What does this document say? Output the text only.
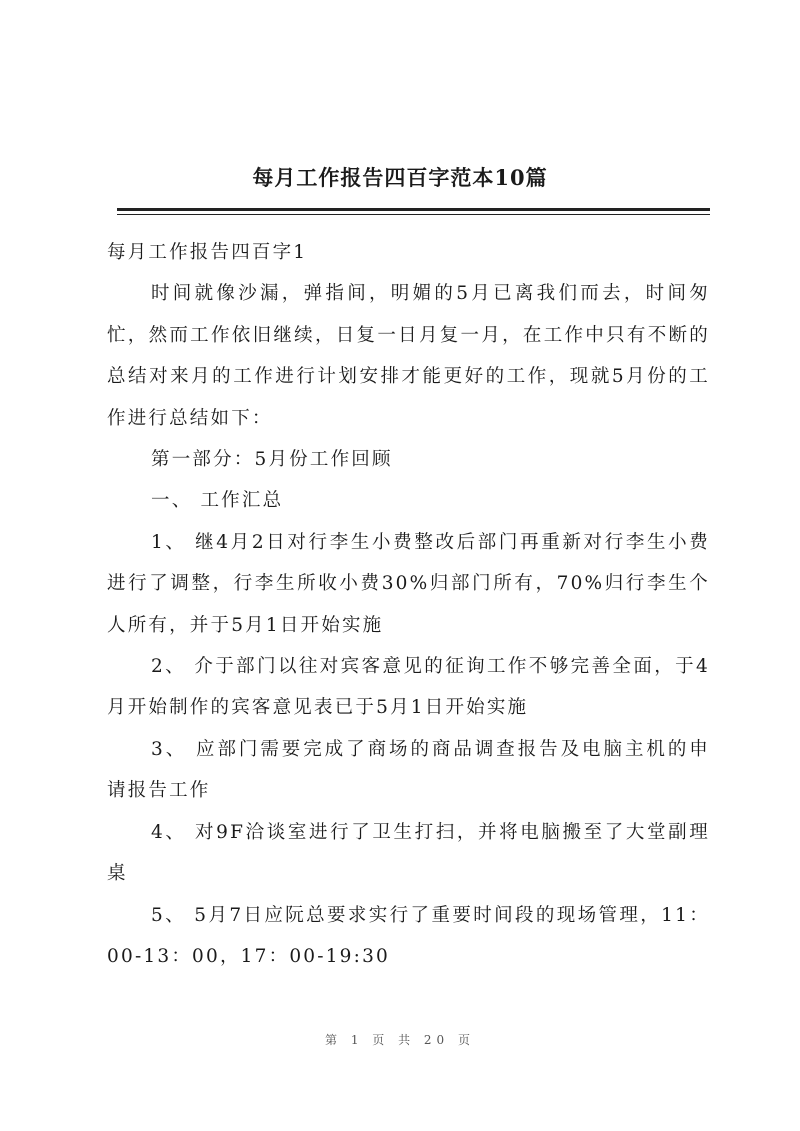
每月工作报告四百字范本10篇

每月工作报告四百字1

时间就像沙漏，弹指间，明媚的5月已离我们而去，时间匆忙，然而工作依旧继续，日复一日月复一月，在工作中只有不断的总结对来月的工作进行计划安排才能更好的工作，现就5月份的工作进行总结如下：

第一部分：5月份工作回顾

一、 工作汇总

1、 继4月2日对行李生小费整改后部门再重新对行李生小费进行了调整，行李生所收小费30%归部门所有，70%归行李生个人所有，并于5月1日开始实施

2、 介于部门以往对宾客意见的征询工作不够完善全面，于4月开始制作的宾客意见表已于5月1日开始实施

3、 应部门需要完成了商场的商品调查报告及电脑主机的申请报告工作

4、 对9F洽谈室进行了卫生打扫，并将电脑搬至了大堂副理桌

5、 5月7日应阮总要求实行了重要时间段的现场管理，11：00-13：00，17：00-19:30

第 1 页 共 20 页
